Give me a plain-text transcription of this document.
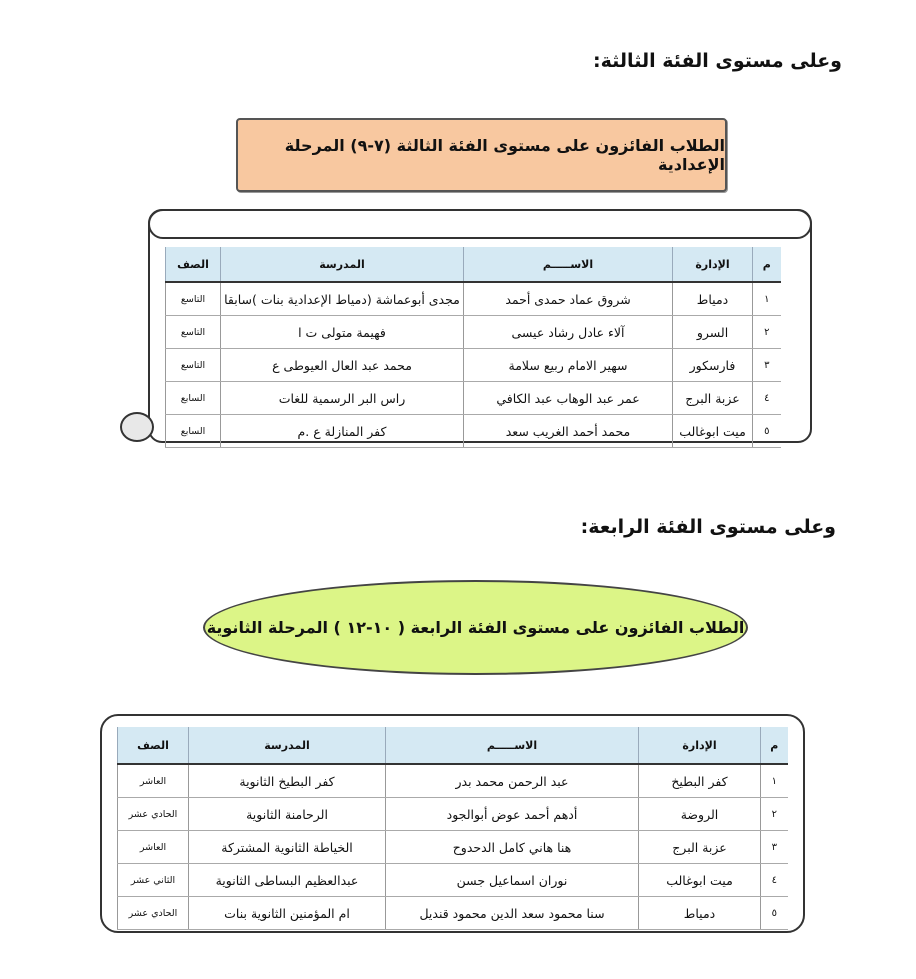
وعلى مستوى الفئة الثالثة:
الطلاب الفائزون على مستوى الفئة الثالثة (٧-٩) المرحلة الإعدادية
م	الإدارة	الاســـــم	المدرسة	الصف
١	دمياط	شروق عماد حمدى أحمد	مجدى أبوعماشة (دمياط الإعدادية بنات )سابقا	التاسع
٢	السرو	آلاء عادل رشاد عيسى	فهيمة متولى ت ا	التاسع
٣	فارسكور	سهير الامام ربيع سلامة	محمد عبد العال العيوطى ع	التاسع
٤	عزبة البرج	عمر عبد الوهاب عبد الكافي	راس البر الرسمية للغات	السابع
٥	ميت ابوغالب	محمد أحمد الغريب سعد	كفر المنازلة ع .م	السابع
وعلى مستوى الفئة الرابعة:
الطلاب الفائزون على مستوى الفئة الرابعة ( ١٠-١٢ ) المرحلة الثانوية
م	الإدارة	الاســـــم	المدرسة	الصف
١	كفر البطيخ	عبد الرحمن محمد بدر	كفر البطيخ الثانوية	العاشر
٢	الروضة	أدهم أحمد عوض أبوالجود	الرحامنة الثانوية	الحادي عشر
٣	عزبة البرج	هنا هاني كامل الدحدوح	الخياطة الثانوية المشتركة	العاشر
٤	ميت ابوغالب	نوران اسماعيل جسن	عبدالعظيم البساطى الثانوية	الثاني عشر
٥	دمياط	سنا محمود سعد الدين محمود قنديل	ام المؤمنين الثانوية بنات	الحادي عشر
